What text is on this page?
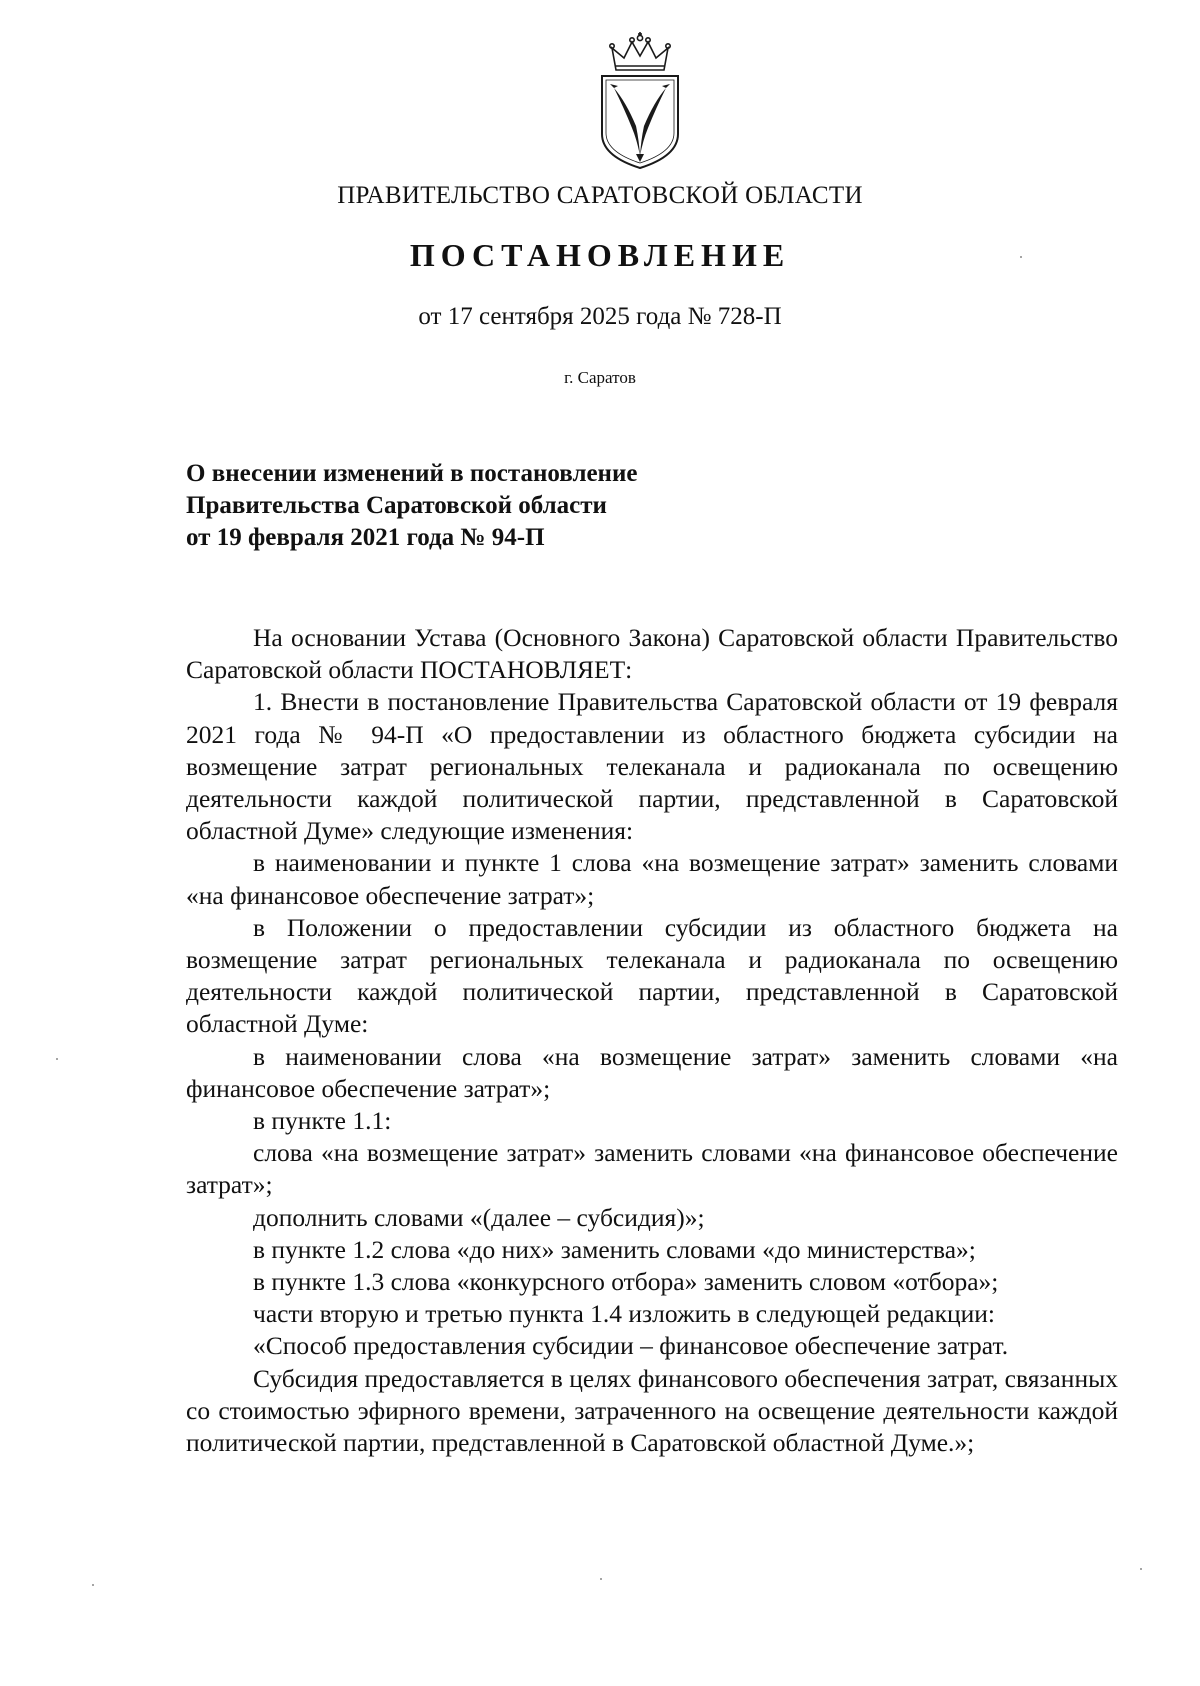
ПРАВИТЕЛЬСТВО САРАТОВСКОЙ ОБЛАСТИ
ПОСТАНОВЛЕНИЕ
от 17 сентября 2025 года № 728-П
г. Саратов
О внесении изменений в постановление
Правительства Саратовской области
от 19 февраля 2021 года № 94-П

На основании Устава (Основного Закона) Саратовской области Правительство Саратовской области ПОСТАНОВЛЯЕТ:

1. Внести в постановление Правительства Саратовской области от 19 февраля 2021 года № 94-П «О предоставлении из областного бюджета субсидии на возмещение затрат региональных телеканала и радиоканала по освещению деятельности каждой политической партии, представленной в Саратовской областной Думе» следующие изменения:

в наименовании и пункте 1 слова «на возмещение затрат» заменить словами «на финансовое обеспечение затрат»;

в Положении о предоставлении субсидии из областного бюджета на возмещение затрат региональных телеканала и радиоканала по освещению деятельности каждой политической партии, представленной в Саратовской областной Думе:

в наименовании слова «на возмещение затрат» заменить словами «на финансовое обеспечение затрат»;

в пункте 1.1:

слова «на возмещение затрат» заменить словами «на финансовое обеспечение затрат»;

дополнить словами «(далее – субсидия)»;

в пункте 1.2 слова «до них» заменить словами «до министерства»;

в пункте 1.3 слова «конкурсного отбора» заменить словом «отбора»;

части вторую и третью пункта 1.4 изложить в следующей редакции:

«Способ предоставления субсидии – финансовое обеспечение затрат.

Субсидия предоставляется в целях финансового обеспечения затрат, связанных со стоимостью эфирного времени, затраченного на освещение деятельности каждой политической партии, представленной в Саратовской областной Думе.»;
